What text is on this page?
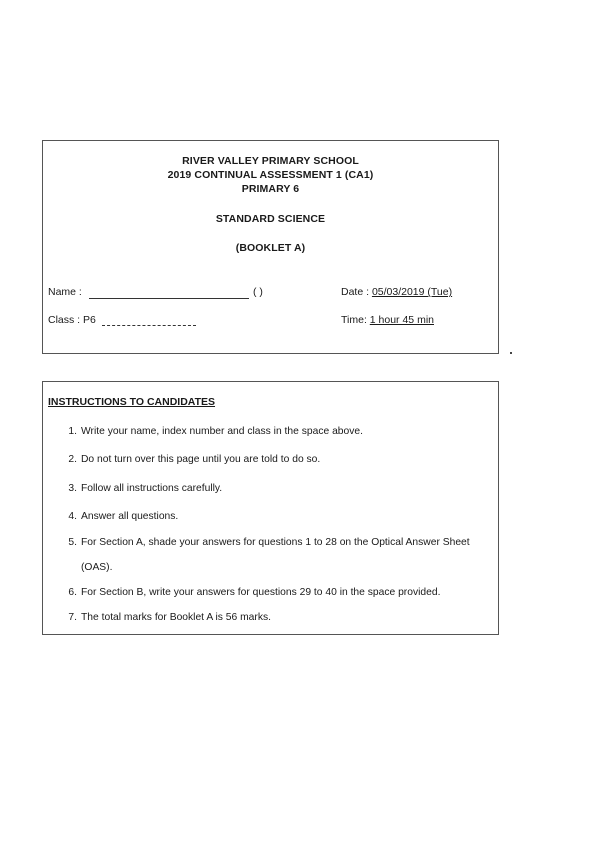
RIVER VALLEY PRIMARY SCHOOL
2019 CONTINUAL ASSESSMENT 1 (CA1)
PRIMARY 6
STANDARD SCIENCE
(BOOKLET A)
Name :	( )	Date : 05/03/2019 (Tue)
Class : P6	Time: 1 hour 45 min
INSTRUCTIONS TO CANDIDATES
1. Write your name, index number and class in the space above.
2. Do not turn over this page until you are told to do so.
3. Follow all instructions carefully.
4. Answer all questions.
5. For Section A, shade your answers for questions 1 to 28 on the Optical Answer Sheet
(OAS).
6. For Section B, write your answers for questions 29 to 40 in the space provided.
7. The total marks for Booklet A is 56 marks.
